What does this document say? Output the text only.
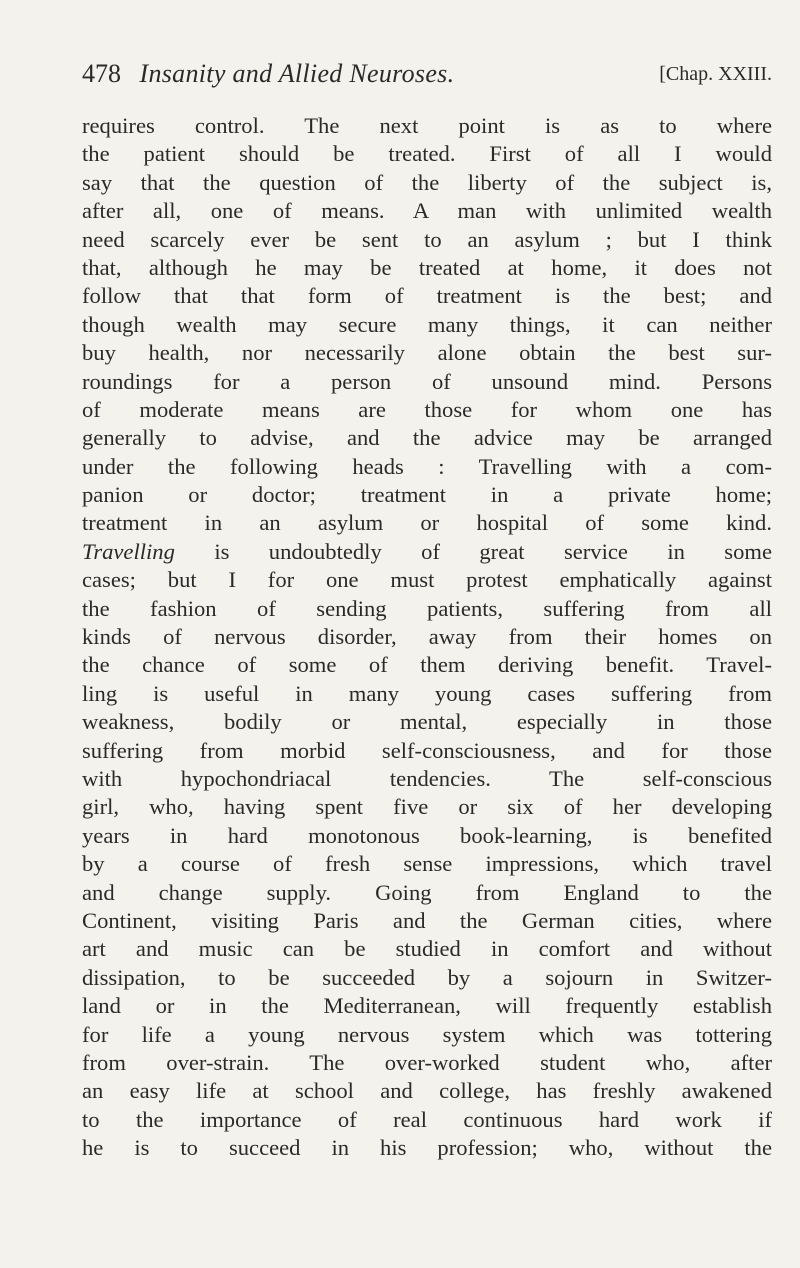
478 Insanity and Allied Neuroses.	[Chap. XXIII.
requires control. The next point is as to where
the patient should be treated. First of all I would
say that the question of the liberty of the subject is,
after all, one of means. A man with unlimited wealth
need scarcely ever be sent to an asylum ; but I think
that, although he may be treated at home, it does not
follow that that form of treatment is the best; and
though wealth may secure many things, it can neither
buy health, nor necessarily alone obtain the best sur-
roundings for a person of unsound mind. Persons
of moderate means are those for whom one has
generally to advise, and the advice may be arranged
under the following heads : Travelling with a com-
panion or doctor; treatment in a private home;
treatment in an asylum or hospital of some kind.
Travelling is undoubtedly of great service in some
cases; but I for one must protest emphatically against
the fashion of sending patients, suffering from all
kinds of nervous disorder, away from their homes on
the chance of some of them deriving benefit. Travel-
ling is useful in many young cases suffering from
weakness, bodily or mental, especially in those
suffering from morbid self-consciousness, and for those
with hypochondriacal tendencies. The self-conscious
girl, who, having spent five or six of her developing
years in hard monotonous book-learning, is benefited
by a course of fresh sense impressions, which travel
and change supply. Going from England to the
Continent, visiting Paris and the German cities, where
art and music can be studied in comfort and without
dissipation, to be succeeded by a sojourn in Switzer-
land or in the Mediterranean, will frequently establish
for life a young nervous system which was tottering
from over-strain. The over-worked student who, after
an easy life at school and college, has freshly awakened
to the importance of real continuous hard work if
he is to succeed in his profession; who, without the
